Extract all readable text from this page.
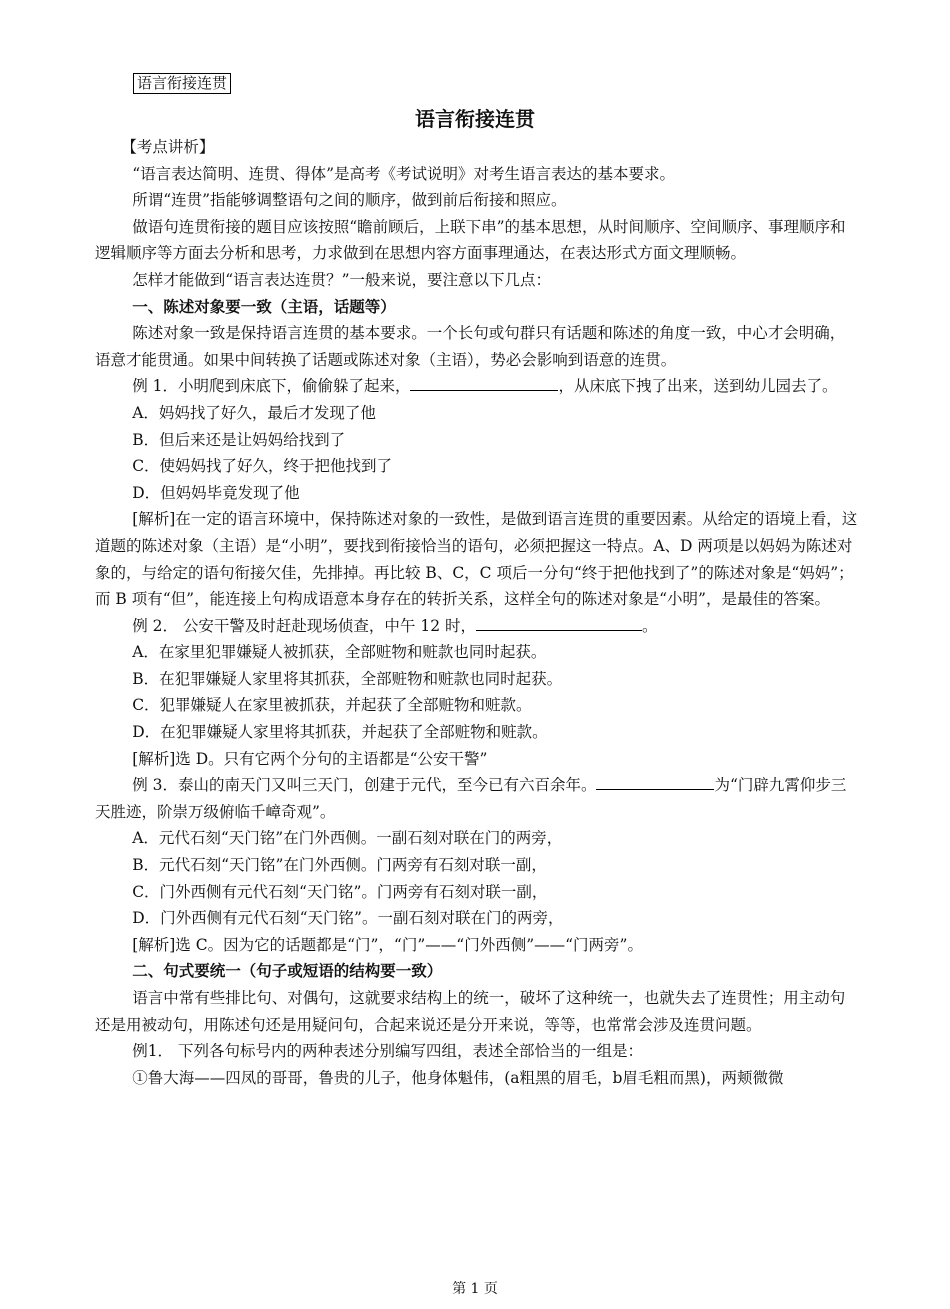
语言衔接连贯
语言衔接连贯

【考点讲析】

“语言表达简明、连贯、得体”是高考《考试说明》对考生语言表达的基本要求。

所谓“连贯”指能够调整语句之间的顺序，做到前后衔接和照应。

做语句连贯衔接的题目应该按照“瞻前顾后，上联下串”的基本思想，从时间顺序、空间顺序、事理顺序和逻辑顺序等方面去分析和思考，力求做到在思想内容方面事理通达，在表达形式方面文理顺畅。

怎样才能做到“语言表达连贯？”一般来说，要注意以下几点：

一、陈述对象要一致（主语，话题等）

陈述对象一致是保持语言连贯的基本要求。一个长句或句群只有话题和陈述的角度一致，中心才会明确，语意才能贯通。如果中间转换了话题或陈述对象（主语），势必会影响到语意的连贯。

例 1．小明爬到床底下，偷偷躲了起来，	，从床底下拽了出来，送到幼儿园去了。

A．妈妈找了好久，最后才发现了他

B．但后来还是让妈妈给找到了

C．使妈妈找了好久，终于把他找到了

D．但妈妈毕竟发现了他

[解析]在一定的语言环境中，保持陈述对象的一致性，是做到语言连贯的重要因素。从给定的语境上看，这道题的陈述对象（主语）是“小明”，要找到衔接恰当的语句，必须把握这一特点。A、D 两项是以妈妈为陈述对象的，与给定的语句衔接欠佳，先排掉。再比较 B、C，C 项后一分句“终于把他找到了”的陈述对象是“妈妈”；而 B 项有“但”，能连接上句构成语意本身存在的转折关系，这样全句的陈述对象是“小明”，是最佳的答案。

例 2． 公安干警及时赶赴现场侦查，中午 12 时，	。

A．在家里犯罪嫌疑人被抓获，全部赃物和赃款也同时起获。

B．在犯罪嫌疑人家里将其抓获，全部赃物和赃款也同时起获。

C．犯罪嫌疑人在家里被抓获，并起获了全部赃物和赃款。

D．在犯罪嫌疑人家里将其抓获，并起获了全部赃物和赃款。

[解析]选 D。只有它两个分句的主语都是“公安干警”

例 3．泰山的南天门又叫三天门，创建于元代，至今已有六百余年。	为“门辟九霄仰步三天胜迹，阶崇万级俯临千嶂奇观”。

A．元代石刻“天门铭”在门外西侧。一副石刻对联在门的两旁，

B．元代石刻“天门铭”在门外西侧。门两旁有石刻对联一副，

C．门外西侧有元代石刻“天门铭”。门两旁有石刻对联一副，

D．门外西侧有元代石刻“天门铭”。一副石刻对联在门的两旁，

[解析]选 C。因为它的话题都是“门”，“门”——“门外西侧”——“门两旁”。

二、句式要统一（句子或短语的结构要一致）

语言中常有些排比句、对偶句，这就要求结构上的统一，破坏了这种统一，也就失去了连贯性；用主动句还是用被动句，用陈述句还是用疑问句，合起来说还是分开来说，等等，也常常会涉及连贯问题。

例1． 下列各句标号内的两种表述分别编写四组，表述全部恰当的一组是：

①鲁大海——四凤的哥哥，鲁贵的儿子，他身体魁伟，(a粗黑的眉毛，b眉毛粗而黑)，两颊微微

第 1 页
